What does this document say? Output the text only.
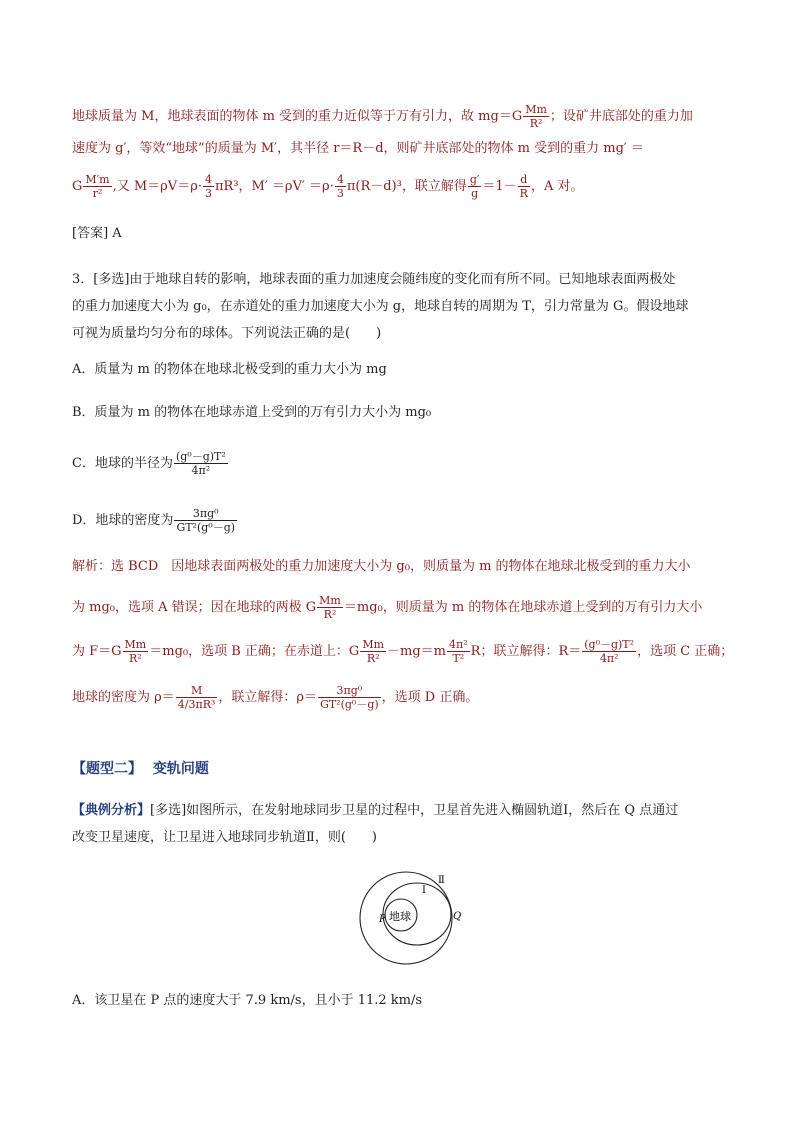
地球质量为 M，地球表面的物体 m 受到的重力近似等于万有引力，故 $mg=G \frac{Mm}{\text{R²}}$ ；设矿井底部处的重力加
速度为 g′，等效“地球”的质量为 M′，其半径 r＝R－d，则矿井底部处的物体 m 受到的重力 mg′ ＝
G $\frac{M'm}{\text{r²}}$ ,又 $M=\rho V=\rho\cdot \frac{4}{3} \pi R^3$，$M' =\rho V' =\rho\cdot \frac{4}{3} \pi(R-d)^3$，联立解得 $\frac{g'}{g} =1- \frac{d}{R}$ ，A 对。
[答案] A
3．[多选]由于地球自转的影响，地球表面的重力加速度会随纬度的变化而有所不同。已知地球表面两极处
的重力加速度大小为 g₀，在赤道处的重力加速度大小为 g，地球自转的周期为 T，引力常量为 G。假设地球
可视为质量均匀分布的球体。下列说法正确的是(　　)
A．质量为 m 的物体在地球北极受到的重力大小为 mg
B．质量为 m 的物体在地球赤道上受到的万有引力大小为 mg₀
C．地球的半径为 $\frac{\text{(g⁰－g)T²}}{\text{4π²}}$
D．地球的密度为 $\frac{\text{3πg⁰}}{\text{GT²(g⁰－g)}}$
解析：选 BCD　因地球表面两极处的重力加速度大小为 g₀，则质量为 m 的物体在地球北极受到的重力大小
为 mg₀，选项 A 错误；因在地球的两极 G $\frac{Mm}{\text{R²}} =mg_0$，则质量为 m 的物体在地球赤道上受到的万有引力大小
为 $F=G \frac{Mm}{\text{R²}} =mg_0$，选项 B 正确；在赤道上：G $\frac{Mm}{\text{R²}} -mg=m \frac{\text{4π²}}{\text{T²}}$ R；联立解得：$R= \frac{\text{(g⁰－g)T²}}{\text{4π²}}$ ，选项 C 正确；
地球的密度为 $\rho= \frac{M}{\text{4/3πR³}}$ ，联立解得：$\rho= \frac{\text{3πg⁰}}{\text{GT²(g⁰－g)}}$ ，选项 D 正确。
【题型二】 变轨问题
【典例分析】[多选]如图所示，在发射地球同步卫星的过程中，卫星首先进入椭圆轨道Ⅰ，然后在 Q 点通过
改变卫星速度，让卫星进入地球同步轨道Ⅱ，则(　　)
地球
P	Q
Ⅰ
Ⅱ
A．该卫星在 P 点的速度大于 7.9 km/s，且小于 11.2 km/s
